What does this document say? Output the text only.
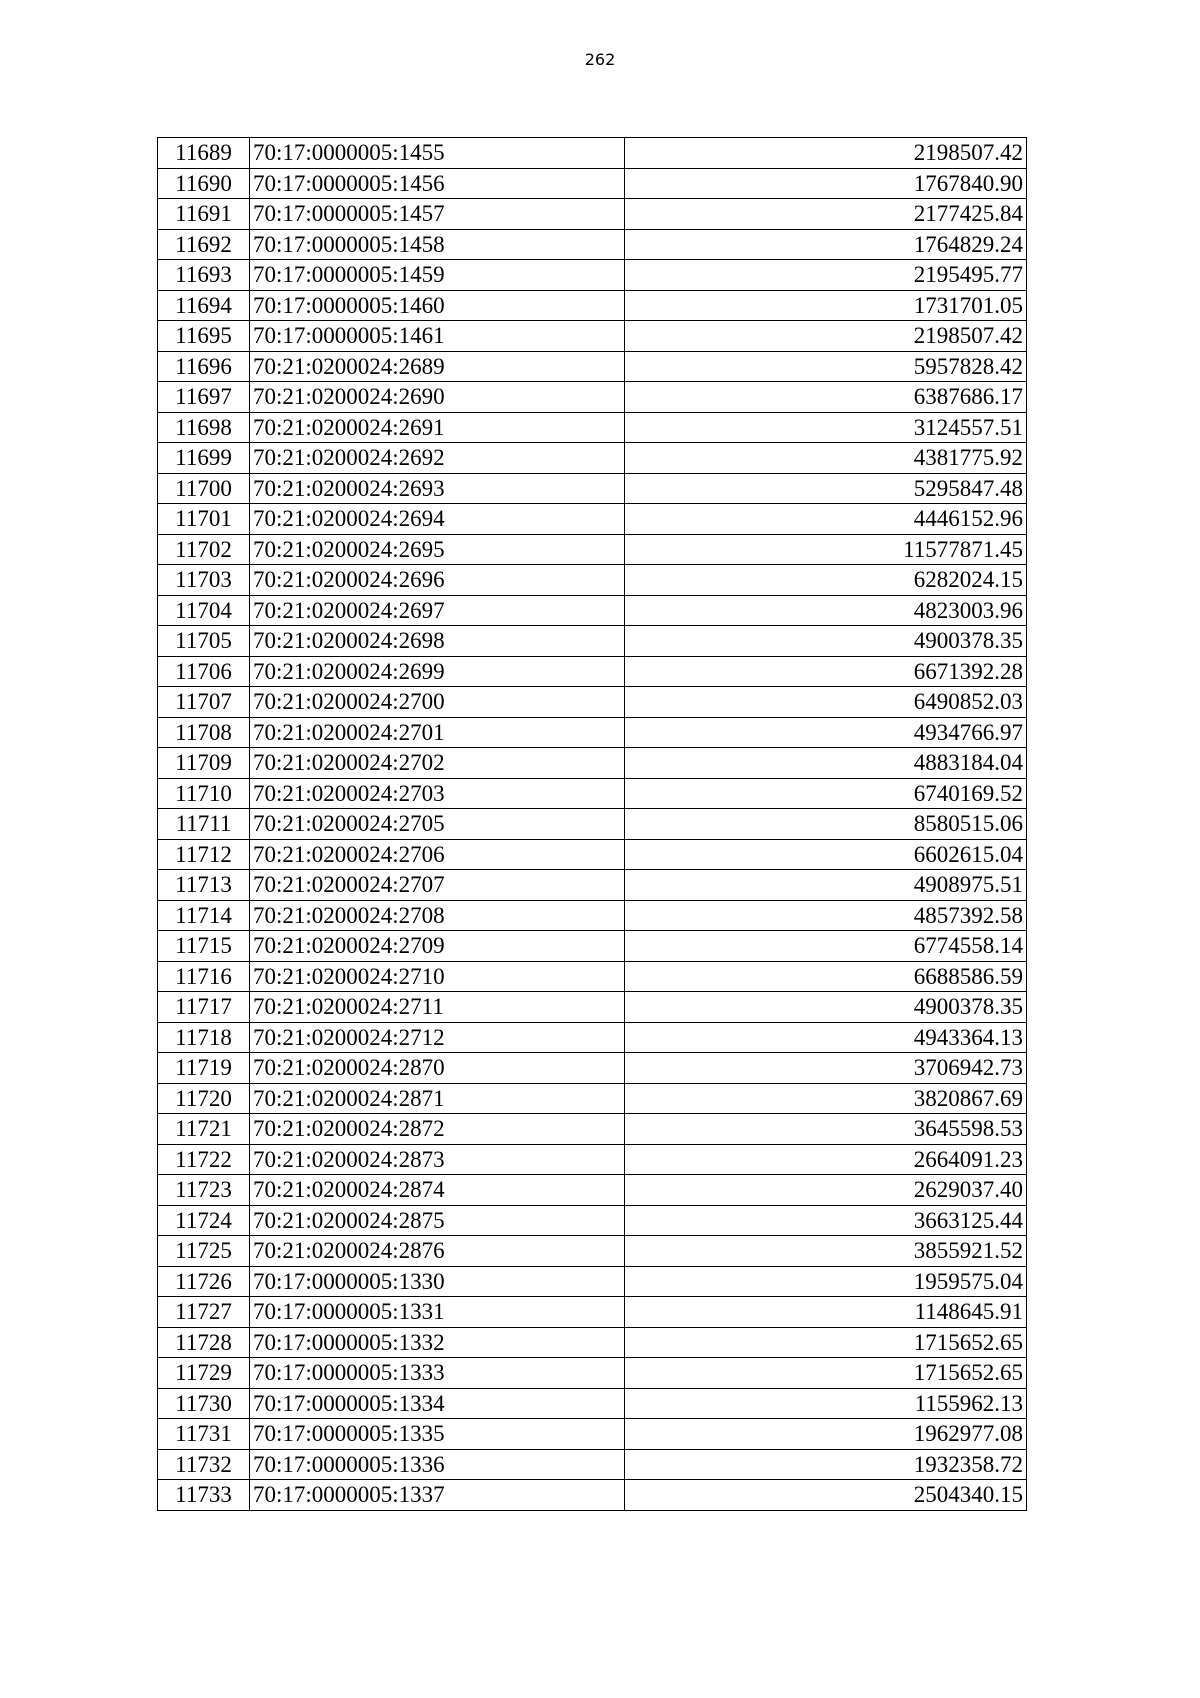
262
11689	70:17:0000005:1455	2198507.42
11690	70:17:0000005:1456	1767840.90
11691	70:17:0000005:1457	2177425.84
11692	70:17:0000005:1458	1764829.24
11693	70:17:0000005:1459	2195495.77
11694	70:17:0000005:1460	1731701.05
11695	70:17:0000005:1461	2198507.42
11696	70:21:0200024:2689	5957828.42
11697	70:21:0200024:2690	6387686.17
11698	70:21:0200024:2691	3124557.51
11699	70:21:0200024:2692	4381775.92
11700	70:21:0200024:2693	5295847.48
11701	70:21:0200024:2694	4446152.96
11702	70:21:0200024:2695	11577871.45
11703	70:21:0200024:2696	6282024.15
11704	70:21:0200024:2697	4823003.96
11705	70:21:0200024:2698	4900378.35
11706	70:21:0200024:2699	6671392.28
11707	70:21:0200024:2700	6490852.03
11708	70:21:0200024:2701	4934766.97
11709	70:21:0200024:2702	4883184.04
11710	70:21:0200024:2703	6740169.52
11711	70:21:0200024:2705	8580515.06
11712	70:21:0200024:2706	6602615.04
11713	70:21:0200024:2707	4908975.51
11714	70:21:0200024:2708	4857392.58
11715	70:21:0200024:2709	6774558.14
11716	70:21:0200024:2710	6688586.59
11717	70:21:0200024:2711	4900378.35
11718	70:21:0200024:2712	4943364.13
11719	70:21:0200024:2870	3706942.73
11720	70:21:0200024:2871	3820867.69
11721	70:21:0200024:2872	3645598.53
11722	70:21:0200024:2873	2664091.23
11723	70:21:0200024:2874	2629037.40
11724	70:21:0200024:2875	3663125.44
11725	70:21:0200024:2876	3855921.52
11726	70:17:0000005:1330	1959575.04
11727	70:17:0000005:1331	1148645.91
11728	70:17:0000005:1332	1715652.65
11729	70:17:0000005:1333	1715652.65
11730	70:17:0000005:1334	1155962.13
11731	70:17:0000005:1335	1962977.08
11732	70:17:0000005:1336	1932358.72
11733	70:17:0000005:1337	2504340.15
